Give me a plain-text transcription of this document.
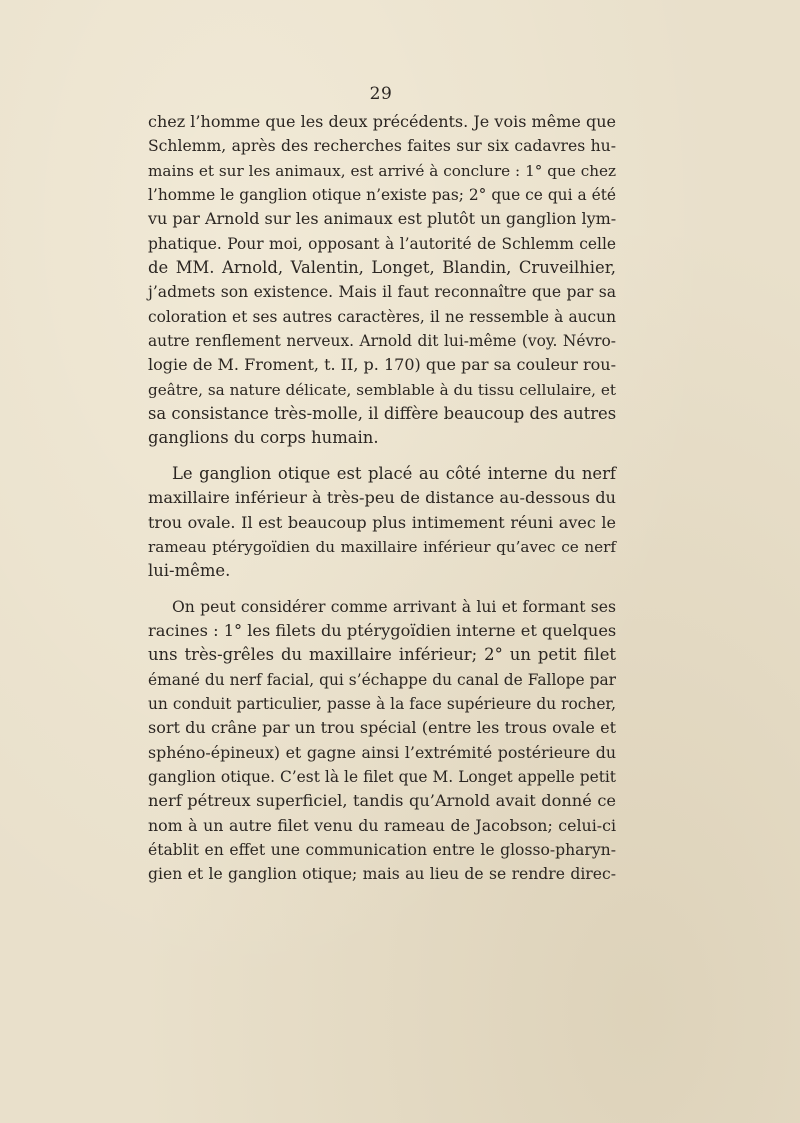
29

chez l’homme que les deux précédents. Je vois même que
Schlemm, après des recherches faites sur six cadavres hu-
mains et sur les animaux, est arrivé à conclure : 1° que chez
l’homme le ganglion otique n’existe pas; 2° que ce qui a été
vu par Arnold sur les animaux est plutôt un ganglion lym-
phatique. Pour moi, opposant à l’autorité de Schlemm celle
de MM. Arnold, Valentin, Longet, Blandin, Cruveilhier,
j’admets son existence. Mais il faut reconnaître que par sa
coloration et ses autres caractères, il ne ressemble à aucun
autre renflement nerveux. Arnold dit lui-même (voy. Névro-
logie de M. Froment, t. II, p. 170) que par sa couleur rou-
geâtre, sa nature délicate, semblable à du tissu cellulaire, et
sa consistance très-molle, il diffère beaucoup des autres
ganglions du corps humain.

Le ganglion otique est placé au côté interne du nerf
maxillaire inférieur à très-peu de distance au-dessous du
trou ovale. Il est beaucoup plus intimement réuni avec le
rameau ptérygoïdien du maxillaire inférieur qu’avec ce nerf
lui-même.

On peut considérer comme arrivant à lui et formant ses
racines : 1° les filets du ptérygoïdien interne et quelques
uns très-grêles du maxillaire inférieur; 2° un petit filet
émané du nerf facial, qui s’échappe du canal de Fallope par
un conduit particulier, passe à la face supérieure du rocher,
sort du crâne par un trou spécial (entre les trous ovale et
sphéno-épineux) et gagne ainsi l’extrémité postérieure du
ganglion otique. C’est là le filet que M. Longet appelle petit
nerf pétreux superficiel, tandis qu’Arnold avait donné ce
nom à un autre filet venu du rameau de Jacobson; celui-ci
établit en effet une communication entre le glosso-pharyn-
gien et le ganglion otique; mais au lieu de se rendre direc-
